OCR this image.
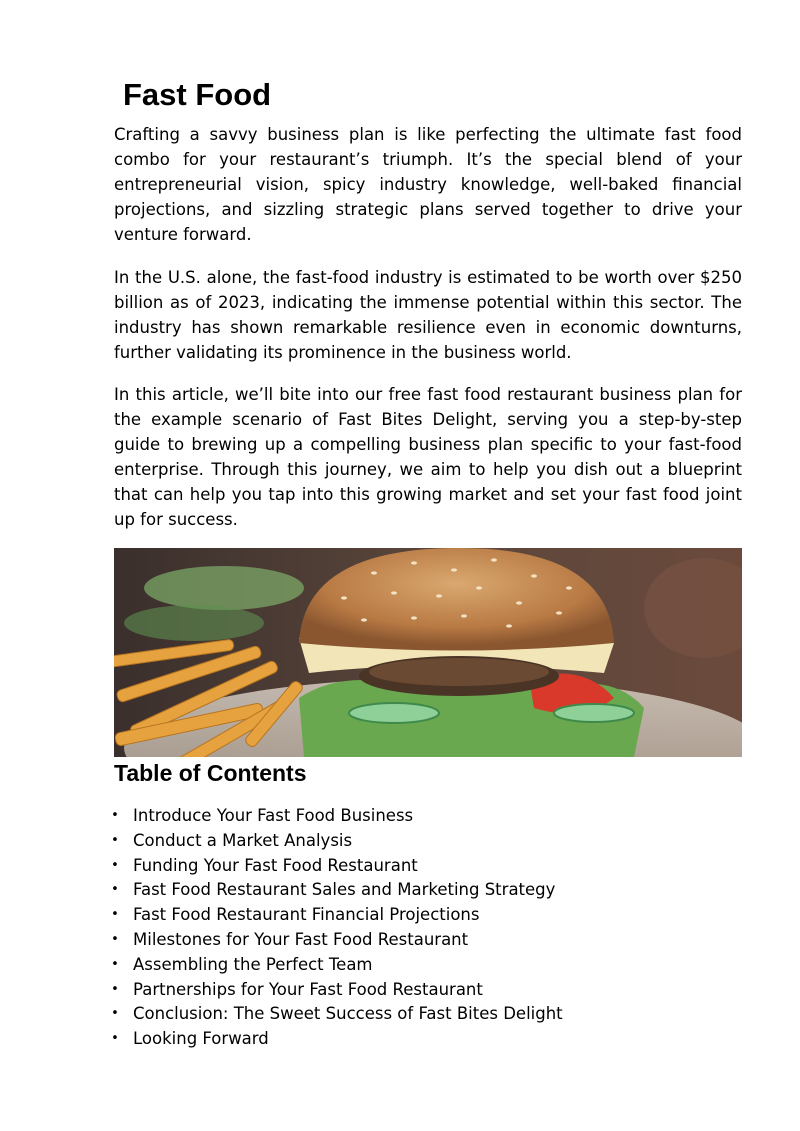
Fast Food

Crafting a savvy business plan is like perfecting the ultimate fast food combo for your restaurant’s triumph. It’s the special blend of your entrepreneurial vision, spicy industry knowledge, well-baked financial projections, and sizzling strategic plans served together to drive your venture forward.

In the U.S. alone, the fast-food industry is estimated to be worth over $250 billion as of 2023, indicating the immense potential within this sector. The industry has shown remarkable resilience even in economic downturns, further validating its prominence in the business world.

In this article, we’ll bite into our free fast food restaurant business plan for the example scenario of Fast Bites Delight, serving you a step-by-step guide to brewing up a compelling business plan specific to your fast-food enterprise. Through this journey, we aim to help you dish out a blueprint that can help you tap into this growing market and set your fast food joint up for success.

Table of Contents
• Introduce Your Fast Food Business
• Conduct a Market Analysis
• Funding Your Fast Food Restaurant
• Fast Food Restaurant Sales and Marketing Strategy
• Fast Food Restaurant Financial Projections
• Milestones for Your Fast Food Restaurant
• Assembling the Perfect Team
• Partnerships for Your Fast Food Restaurant
• Conclusion: The Sweet Success of Fast Bites Delight
• Looking Forward
